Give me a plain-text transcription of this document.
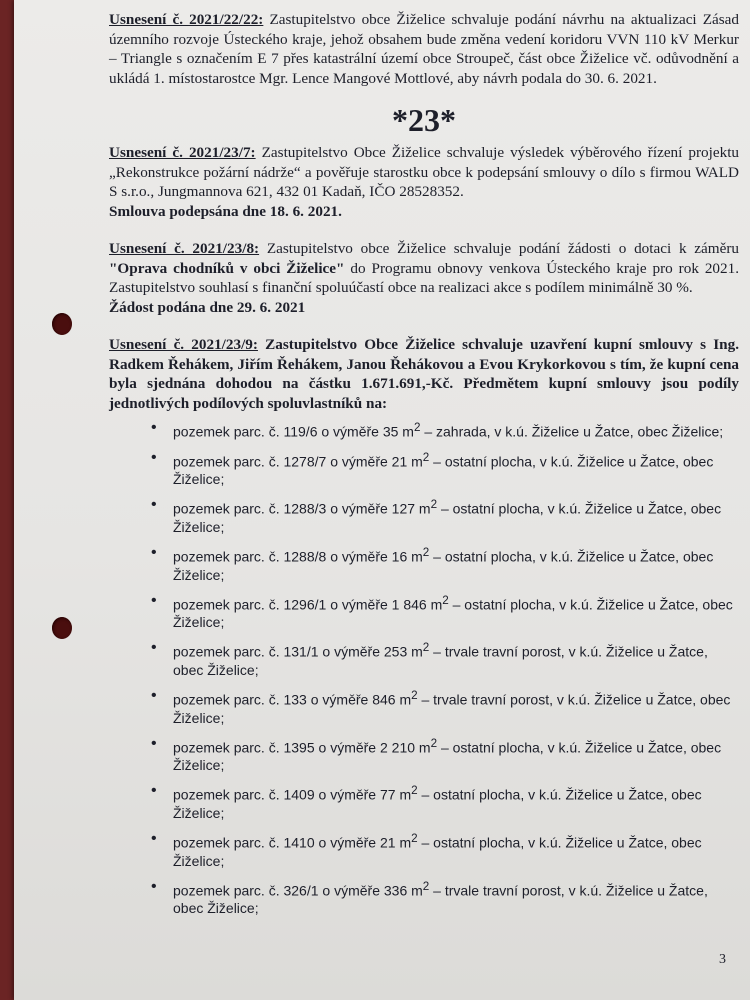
Usnesení č. 2021/22/22: Zastupitelstvo obce Žiželice schvaluje podání návrhu na aktualizaci Zásad územního rozvoje Ústeckého kraje, jehož obsahem bude změna vedení koridoru VVN 110 kV Merkur – Triangle s označením E 7 přes katastrální území obce Stroupeč, část obce Žiželice vč. odůvodnění a ukládá 1. místostarostce Mgr. Lence Mangové Mottlové, aby návrh podala do 30. 6. 2021.

*23*

Usnesení č. 2021/23/7: Zastupitelstvo Obce Žiželice schvaluje výsledek výběrového řízení projektu „Rekonstrukce požární nádrže“ a pověřuje starostku obce k podepsání smlouvy o dílo s firmou WALD S s.r.o., Jungmannova 621, 432 01 Kadaň, IČO 28528352.

Smlouva podepsána dne 18. 6. 2021.

Usnesení č. 2021/23/8: Zastupitelstvo obce Žiželice schvaluje podání žádosti o dotaci k záměru "Oprava chodníků v obci Žiželice" do Programu obnovy venkova Ústeckého kraje pro rok 2021. Zastupitelstvo souhlasí s finanční spoluúčastí obce na realizaci akce s podílem minimálně 30 %.

Žádost podána dne 29. 6. 2021

Usnesení č. 2021/23/9: Zastupitelstvo Obce Žiželice schvaluje uzavření kupní smlouvy s Ing. Radkem Řehákem, Jiřím Řehákem, Janou Řehákovou a Evou Krykorkovou s tím, že kupní cena byla sjednána dohodou na částku 1.671.691,-Kč. Předmětem kupní smlouvy jsou podíly jednotlivých podílových spoluvlastníků na:

• pozemek parc. č. 119/6 o výměře 35 $m^2$ – zahrada, v k.ú. Žiželice u Žatce, obec Žiželice;
• pozemek parc. č. 1278/7 o výměře 21 $m^2$ – ostatní plocha, v k.ú. Žiželice u Žatce, obec Žiželice;
• pozemek parc. č. 1288/3 o výměře 127 $m^2$ – ostatní plocha, v k.ú. Žiželice u Žatce, obec Žiželice;
• pozemek parc. č. 1288/8 o výměře 16 $m^2$ – ostatní plocha, v k.ú. Žiželice u Žatce, obec Žiželice;
• pozemek parc. č. 1296/1 o výměře 1 846 $m^2$ – ostatní plocha, v k.ú. Žiželice u Žatce, obec Žiželice;
• pozemek parc. č. 131/1 o výměře 253 $m^2$ – trvale travní porost, v k.ú. Žiželice u Žatce, obec Žiželice;
• pozemek parc. č. 133 o výměře 846 $m^2$ – trvale travní porost, v k.ú. Žiželice u Žatce, obec Žiželice;
• pozemek parc. č. 1395 o výměře 2 210 $m^2$ – ostatní plocha, v k.ú. Žiželice u Žatce, obec Žiželice;
• pozemek parc. č. 1409 o výměře 77 $m^2$ – ostatní plocha, v k.ú. Žiželice u Žatce, obec Žiželice;
• pozemek parc. č. 1410 o výměře 21 $m^2$ – ostatní plocha, v k.ú. Žiželice u Žatce, obec Žiželice;
• pozemek parc. č. 326/1 o výměře 336 $m^2$ – trvale travní porost, v k.ú. Žiželice u Žatce, obec Žiželice;
3
